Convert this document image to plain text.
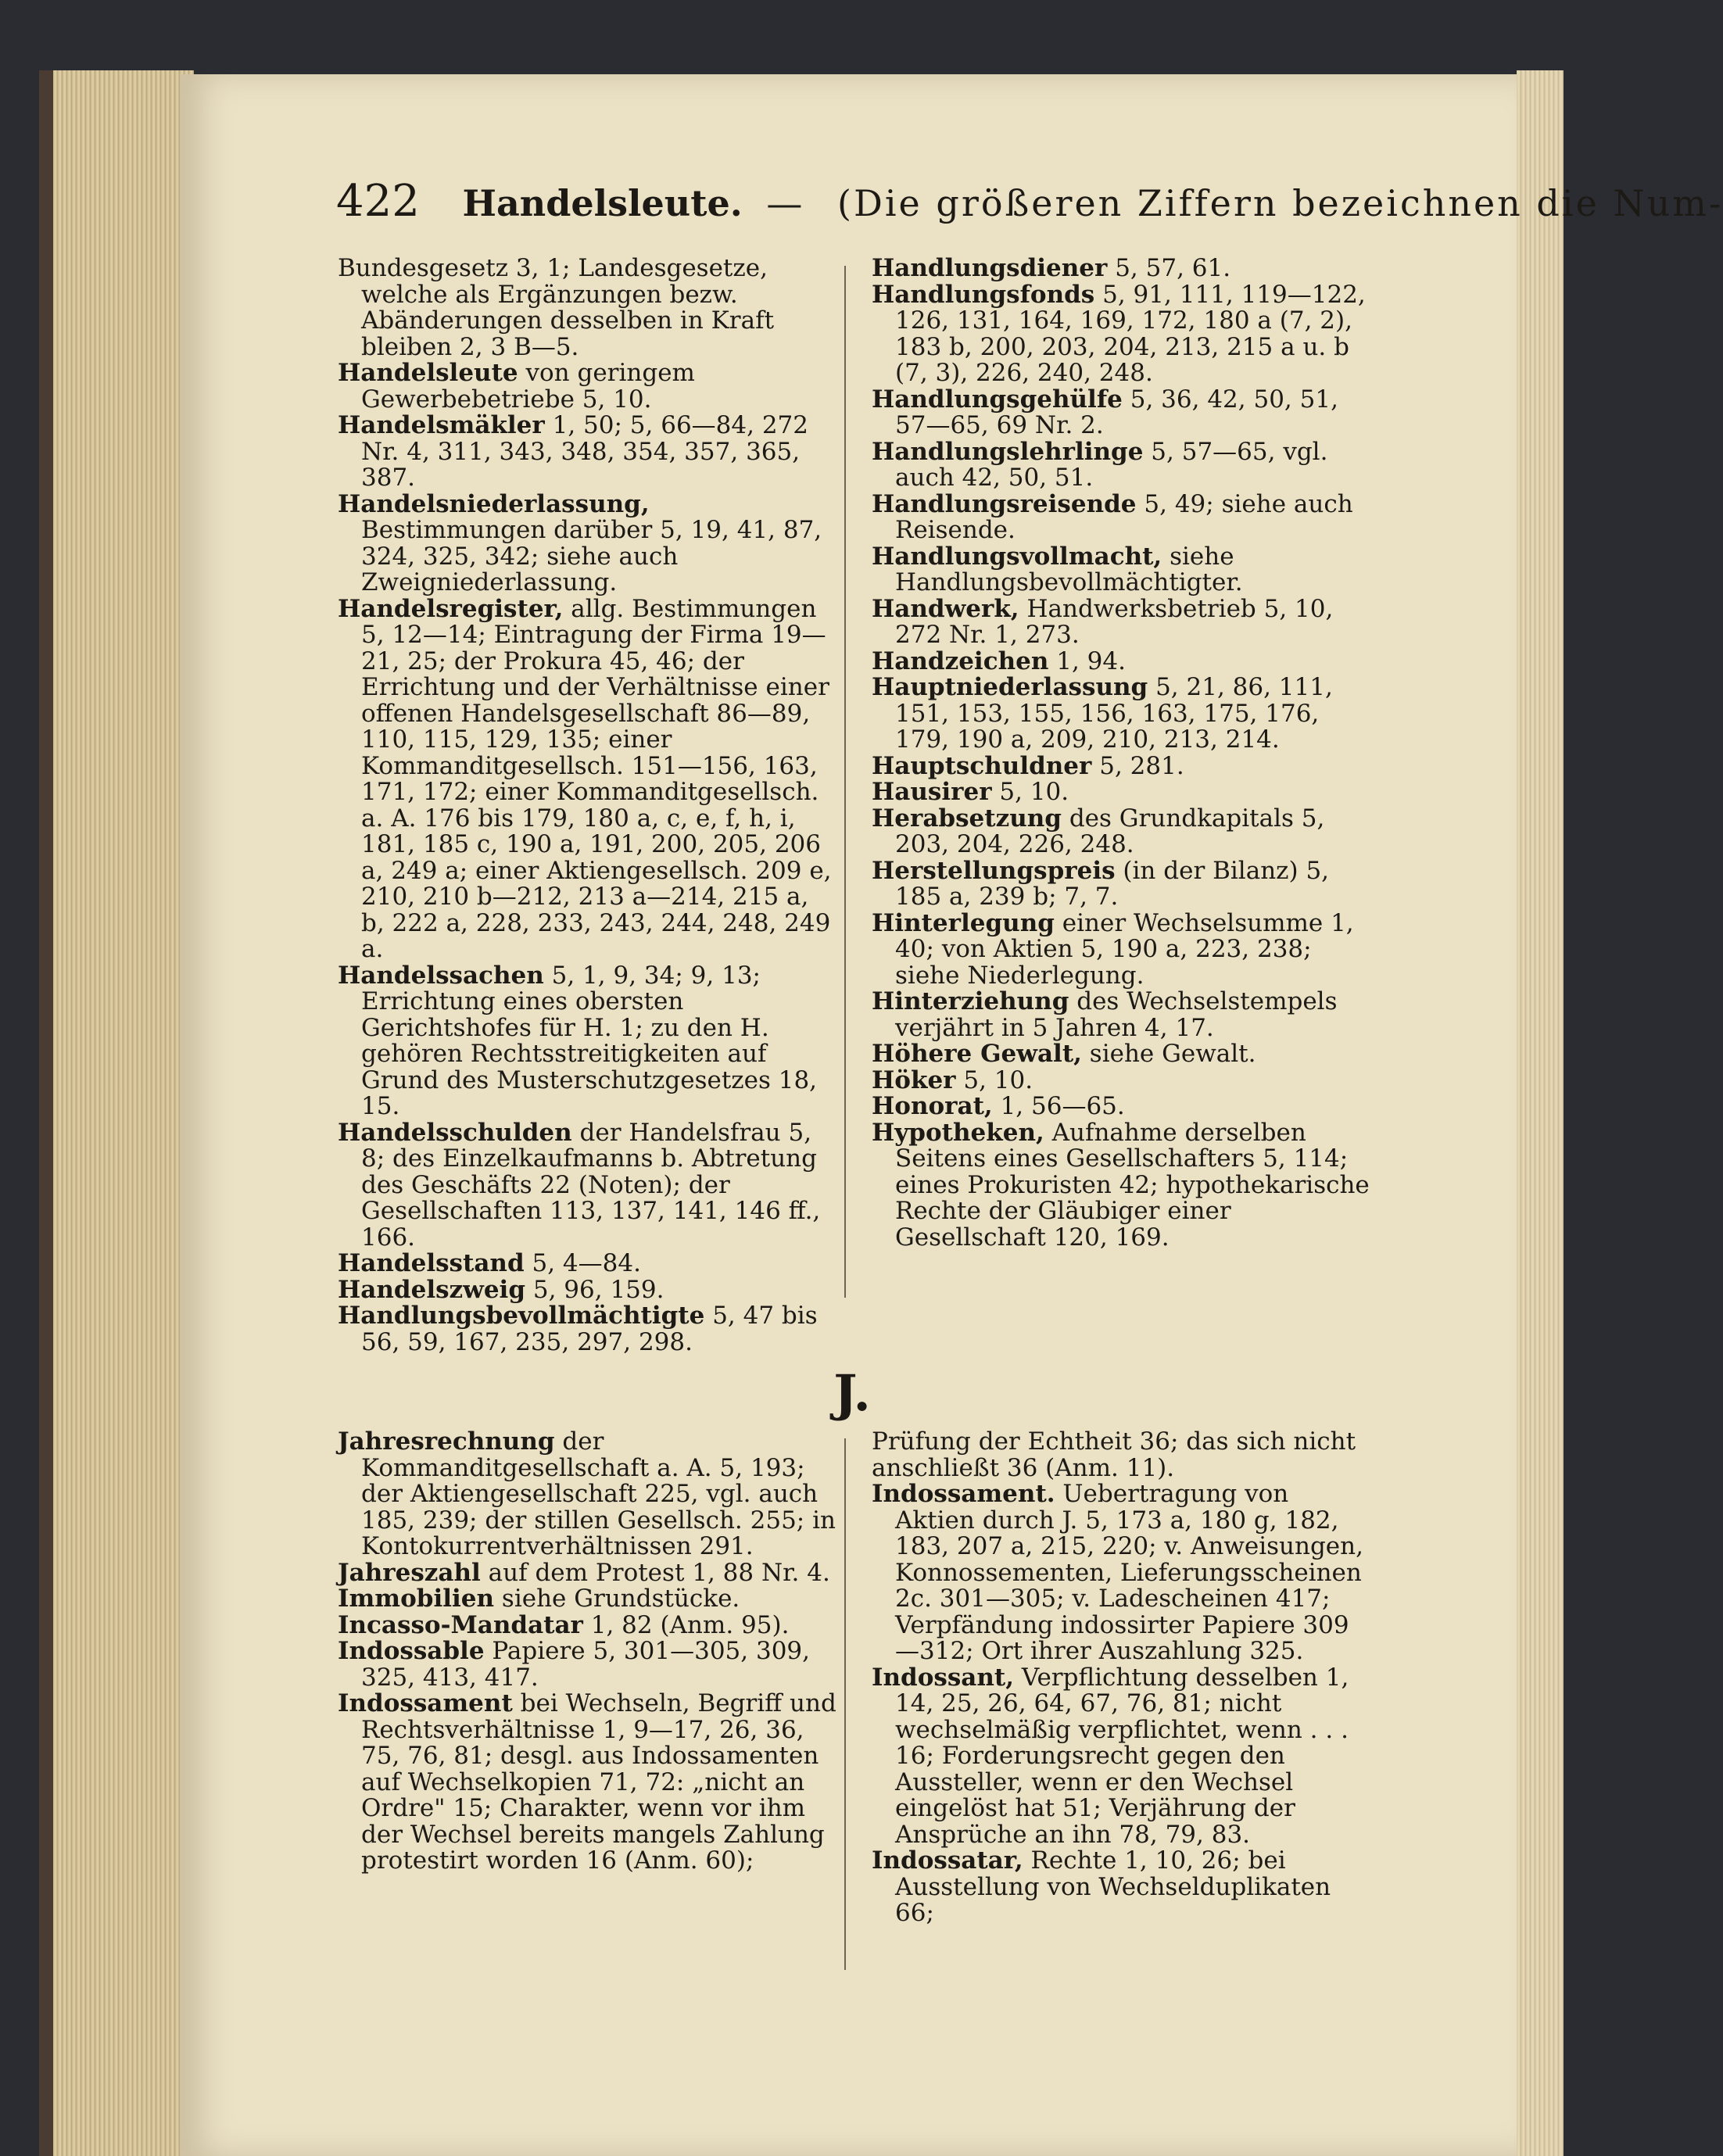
422 Handelsleute. — (Die größeren Ziffern bezeichnen die Num-

Bundesgesetz 3, 1; Landesgesetze, welche als Ergänzungen bezw. Abänderungen desselben in Kraft bleiben 2, 3 B—5.

Handelsleute von geringem Gewerbebetriebe 5, 10.

Handelsmäkler 1, 50; 5, 66—84, 272 Nr. 4, 311, 343, 348, 354, 357, 365, 387.

Handelsniederlassung, Bestimmungen darüber 5, 19, 41, 87, 324, 325, 342; siehe auch Zweigniederlassung.

Handelsregister, allg. Bestimmungen 5, 12—14; Eintragung der Firma 19—21, 25; der Prokura 45, 46; der Errichtung und der Verhältnisse einer offenen Handelsgesellschaft 86—89, 110, 115, 129, 135; einer Kommanditgesellsch. 151—156, 163, 171, 172; einer Kommanditgesellsch. a. A. 176 bis 179, 180 a, c, e, f, h, i, 181, 185 c, 190 a, 191, 200, 205, 206 a, 249 a; einer Aktiengesellsch. 209 e, 210, 210 b—212, 213 a—214, 215 a, b, 222 a, 228, 233, 243, 244, 248, 249 a.

Handelssachen 5, 1, 9, 34; 9, 13; Errichtung eines obersten Gerichtshofes für H. 1; zu den H. gehören Rechtsstreitigkeiten auf Grund des Musterschutzgesetzes 18, 15.

Handelsschulden der Handelsfrau 5, 8; des Einzelkaufmanns b. Abtretung des Geschäfts 22 (Noten); der Gesellschaften 113, 137, 141, 146 ff., 166.

Handelsstand 5, 4—84.

Handelszweig 5, 96, 159.

Handlungsbevollmächtigte 5, 47 bis 56, 59, 167, 235, 297, 298.

Handlungsdiener 5, 57, 61.

Handlungsfonds 5, 91, 111, 119—122, 126, 131, 164, 169, 172, 180 a (7, 2), 183 b, 200, 203, 204, 213, 215 a u. b (7, 3), 226, 240, 248.

Handlungsgehülfe 5, 36, 42, 50, 51, 57—65, 69 Nr. 2.

Handlungslehrlinge 5, 57—65, vgl. auch 42, 50, 51.

Handlungsreisende 5, 49; siehe auch Reisende.

Handlungsvollmacht, siehe Handlungsbevollmächtigter.

Handwerk, Handwerksbetrieb 5, 10, 272 Nr. 1, 273.

Handzeichen 1, 94.

Hauptniederlassung 5, 21, 86, 111, 151, 153, 155, 156, 163, 175, 176, 179, 190 a, 209, 210, 213, 214.

Hauptschuldner 5, 281.

Hausirer 5, 10.

Herabsetzung des Grundkapitals 5, 203, 204, 226, 248.

Herstellungspreis (in der Bilanz) 5, 185 a, 239 b; 7, 7.

Hinterlegung einer Wechselsumme 1, 40; von Aktien 5, 190 a, 223, 238; siehe Niederlegung.

Hinterziehung des Wechselstempels verjährt in 5 Jahren 4, 17.

Höhere Gewalt, siehe Gewalt.

Höker 5, 10.

Honorat, 1, 56—65.

Hypotheken, Aufnahme derselben Seitens eines Gesellschafters 5, 114; eines Prokuristen 42; hypothekarische Rechte der Gläubiger einer Gesellschaft 120, 169.

J.

Jahresrechnung der Kommanditgesellschaft a. A. 5, 193; der Aktiengesellschaft 225, vgl. auch 185, 239; der stillen Gesellsch. 255; in Kontokurrentverhältnissen 291.

Jahreszahl auf dem Protest 1, 88 Nr. 4.

Immobilien siehe Grundstücke.

Incasso-Mandatar 1, 82 (Anm. 95).

Indossable Papiere 5, 301—305, 309, 325, 413, 417.

Indossament bei Wechseln, Begriff und Rechtsverhältnisse 1, 9—17, 26, 36, 75, 76, 81; desgl. aus Indossamenten auf Wechselkopien 71, 72: „nicht an Ordre" 15; Charakter, wenn vor ihm der Wechsel bereits mangels Zahlung protestirt worden 16 (Anm. 60);

Prüfung der Echtheit 36; das sich nicht anschließt 36 (Anm. 11).

Indossament. Uebertragung von Aktien durch J. 5, 173 a, 180 g, 182, 183, 207 a, 215, 220; v. Anweisungen, Konnossementen, Lieferungsscheinen 2c. 301—305; v. Ladescheinen 417; Verpfändung indossirter Papiere 309—312; Ort ihrer Auszahlung 325.

Indossant, Verpflichtung desselben 1, 14, 25, 26, 64, 67, 76, 81; nicht wechselmäßig verpflichtet, wenn . . . 16; Forderungsrecht gegen den Aussteller, wenn er den Wechsel eingelöst hat 51; Verjährung der Ansprüche an ihn 78, 79, 83.

Indossatar, Rechte 1, 10, 26; bei Ausstellung von Wechselduplikaten 66;
